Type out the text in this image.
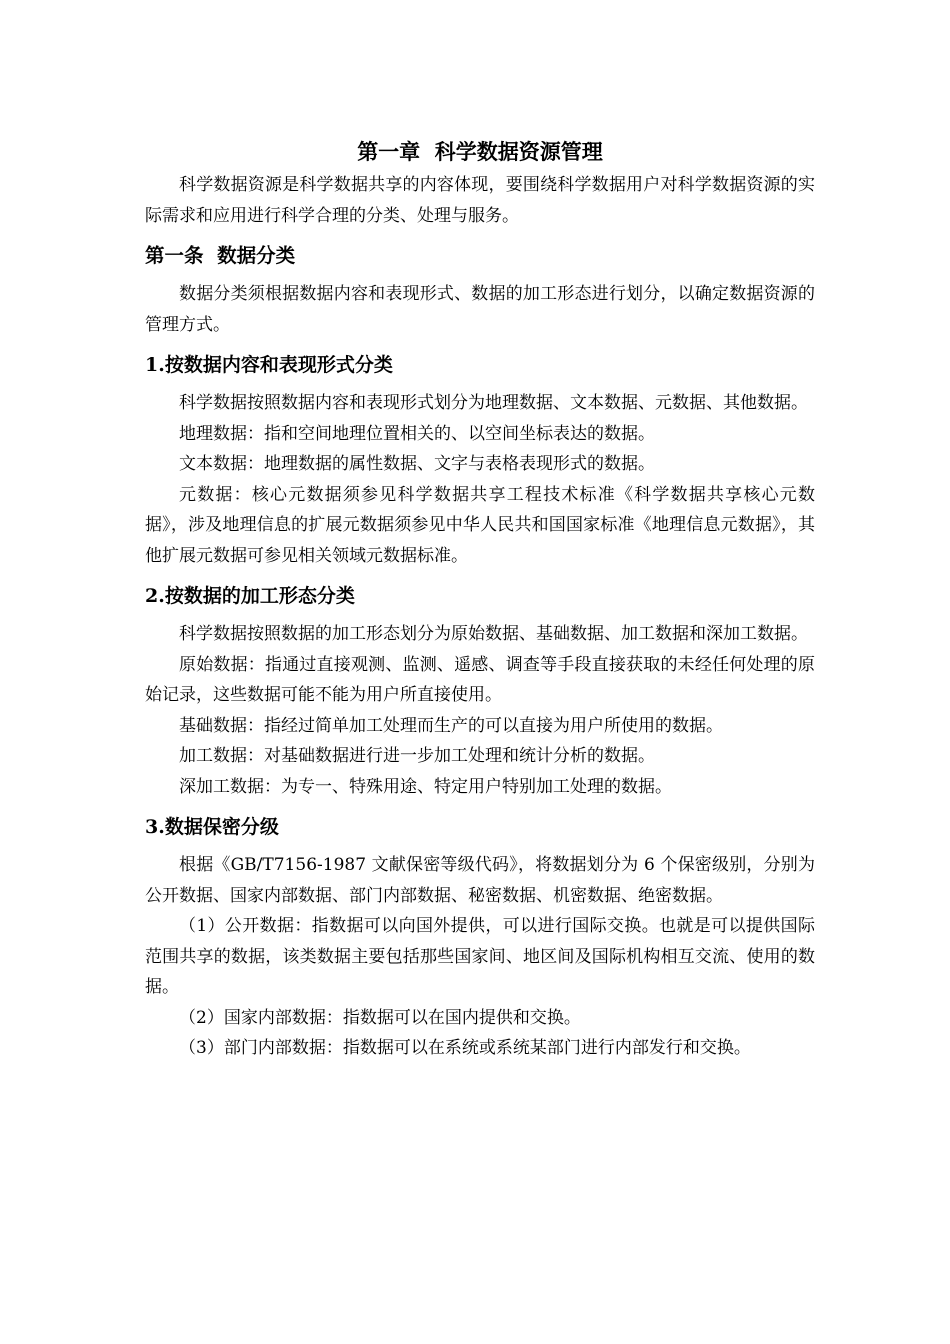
第一章  科学数据资源管理

科学数据资源是科学数据共享的内容体现，要围绕科学数据用户对科学数据资源的实际需求和应用进行科学合理的分类、处理与服务。

第一条  数据分类

数据分类须根据数据内容和表现形式、数据的加工形态进行划分，以确定数据资源的管理方式。

1.按数据内容和表现形式分类

科学数据按照数据内容和表现形式划分为地理数据、文本数据、元数据、其他数据。

地理数据：指和空间地理位置相关的、以空间坐标表达的数据。

文本数据：地理数据的属性数据、文字与表格表现形式的数据。

元数据：核心元数据须参见科学数据共享工程技术标准《科学数据共享核心元数据》，涉及地理信息的扩展元数据须参见中华人民共和国国家标准《地理信息元数据》，其他扩展元数据可参见相关领域元数据标准。

2.按数据的加工形态分类

科学数据按照数据的加工形态划分为原始数据、基础数据、加工数据和深加工数据。

原始数据：指通过直接观测、监测、遥感、调查等手段直接获取的未经任何处理的原始记录，这些数据可能不能为用户所直接使用。

基础数据：指经过简单加工处理而生产的可以直接为用户所使用的数据。

加工数据：对基础数据进行进一步加工处理和统计分析的数据。

深加工数据：为专一、特殊用途、特定用户特别加工处理的数据。

3.数据保密分级

根据《GB/T7156-1987 文献保密等级代码》，将数据划分为 6 个保密级别，分别为公开数据、国家内部数据、部门内部数据、秘密数据、机密数据、绝密数据。

（1）公开数据：指数据可以向国外提供，可以进行国际交换。也就是可以提供国际范围共享的数据，该类数据主要包括那些国家间、地区间及国际机构相互交流、使用的数据。

（2）国家内部数据：指数据可以在国内提供和交换。

（3）部门内部数据：指数据可以在系统或系统某部门进行内部发行和交换。
